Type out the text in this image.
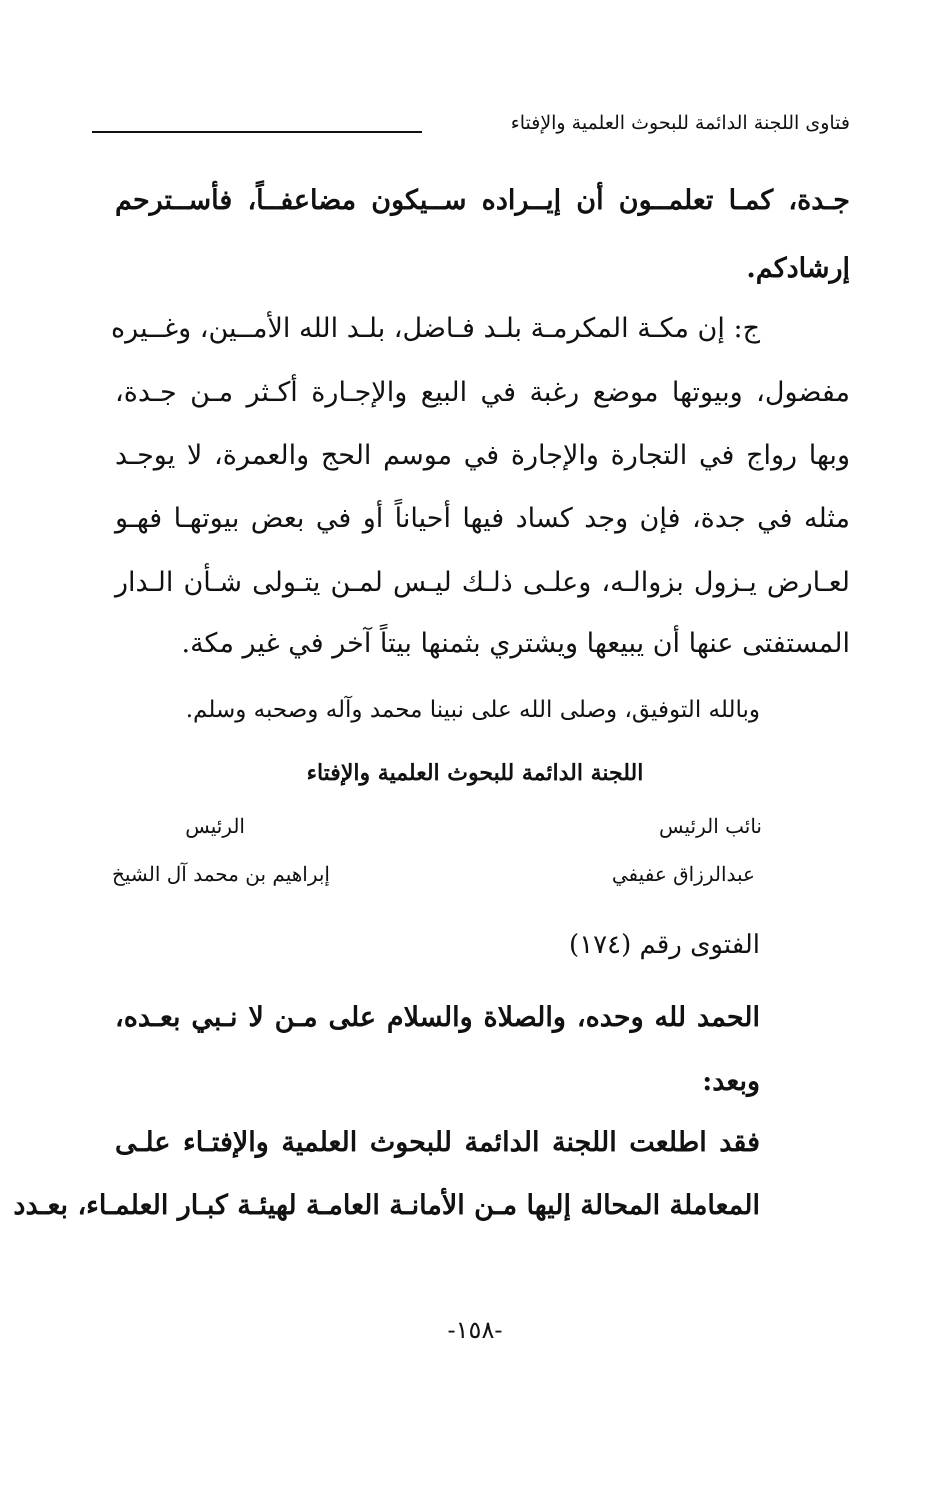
فتاوى اللجنة الدائمة للبحوث العلمية والإفتاء
جـدة، كمـا تعلمــون أن إيــراده ســيكون مضاعفــاً، فأســترحم
إرشادكم.
ج: إن مكـة المكرمـة بلـد فـاضل، بلـد الله الأمــين، وغــيره
مفضول، وبيوتها موضع رغبة في البيع والإجـارة أكـثر مـن جـدة،
وبها رواج في التجارة والإجارة في موسم الحج والعمرة، لا يوجـد
مثله في جدة، فإن وجد كساد فيها أحياناً أو في بعض بيوتهـا فهـو
لعـارض يـزول بزوالـه، وعلـى ذلـك ليـس لمـن يتـولى شـأن الـدار
المستفتى عنها أن يبيعها ويشتري بثمنها بيتاً آخر في غير مكة.
وبالله التوفيق، وصلى الله على نبينا محمد وآله وصحبه وسلم.
اللجنة الدائمة للبحوث العلمية والإفتاء
نائب الرئيس
الرئيس
عبدالرزاق عفيفي
إبراهيم بن محمد آل الشيخ
الفتوى رقم (١٧٤)
الحمد لله وحده، والصلاة والسلام على مـن لا نـبي بعـده،
وبعد:
فقد اطلعت اللجنة الدائمة للبحوث العلمية والإفتـاء علـى
المعاملة المحالة إليها مـن الأمانـة العامـة لهيئـة كبـار العلمـاء، بعـدد
-١٥٨-
